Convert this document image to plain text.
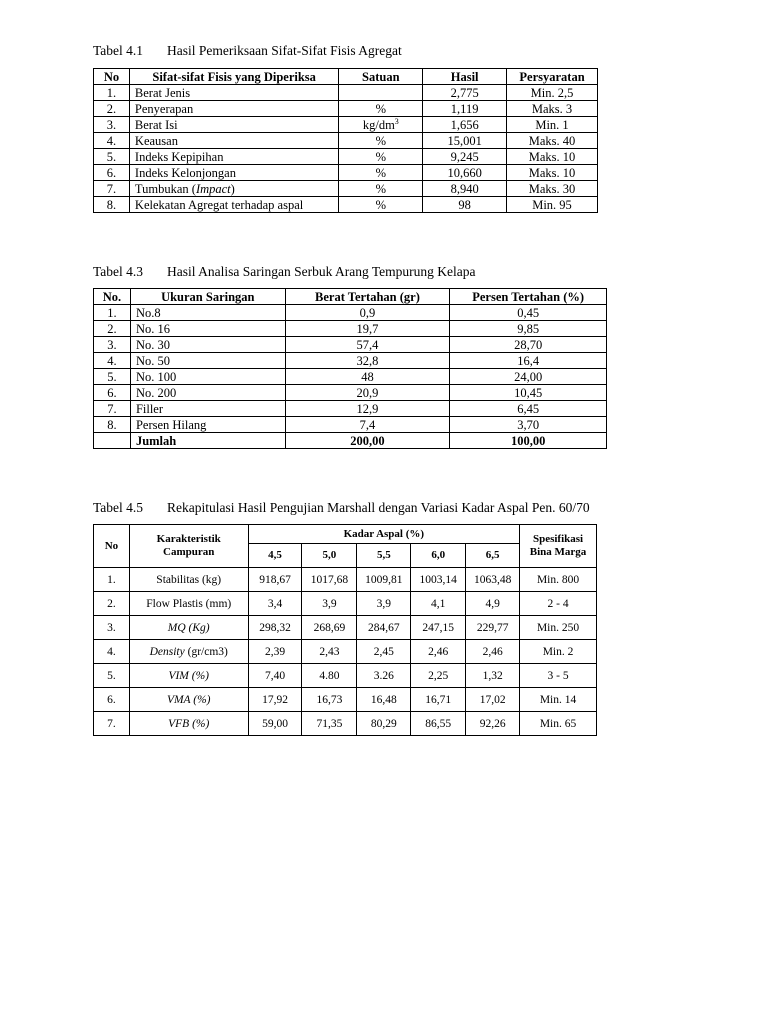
Tabel 4.1 Hasil Pemeriksaan Sifat-Sifat Fisis Agregat
No	Sifat-sifat Fisis yang Diperiksa	Satuan	Hasil	Persyaratan
1.	Berat Jenis		2,775	Min. 2,5
2.	Penyerapan	%	1,119	Maks. 3
3.	Berat Isi	$kg/dm^3$	1,656	Min. 1
4.	Keausan	%	15,001	Maks. 40
5.	Indeks Kepipihan	%	9,245	Maks. 10
6.	Indeks Kelonjongan	%	10,660	Maks. 10
7.	Tumbukan (Impact)	%	8,940	Maks. 30
8.	Kelekatan Agregat terhadap aspal	%	98	Min. 95
Tabel 4.3 Hasil Analisa Saringan Serbuk Arang Tempurung Kelapa
No.	Ukuran Saringan	Berat Tertahan (gr)	Persen Tertahan (%)
1.	No.8	0,9	0,45
2.	No. 16	19,7	9,85
3.	No. 30	57,4	28,70
4.	No. 50	32,8	16,4
5.	No. 100	48	24,00
6.	No. 200	20,9	10,45
7.	Filler	12,9	6,45
8.	Persen Hilang	7,4	3,70
	Jumlah	200,00	100,00
Tabel 4.5 Rekapitulasi Hasil Pengujian Marshall dengan Variasi Kadar Aspal Pen. 60/70
No	Karakteristik
Campuran	Kadar Aspal (%)					Spesifikasi
Bina Marga
		4,5	5,0	5,5	6,0	6,5	
1.	Stabilitas (kg)	918,67	1017,68	1009,81	1003,14	1063,48	Min. 800
2.	Flow Plastis (mm)	3,4	3,9	3,9	4,1	4,9	2 - 4
3.	MQ (Kg)	298,32	268,69	284,67	247,15	229,77	Min. 250
4.	Density (gr/cm3)	2,39	2,43	2,45	2,46	2,46	Min. 2
5.	VIM (%)	7,40	4.80	3.26	2,25	1,32	3 - 5
6.	VMA (%)	17,92	16,73	16,48	16,71	17,02	Min. 14
7.	VFB (%)	59,00	71,35	80,29	86,55	92,26	Min. 65
